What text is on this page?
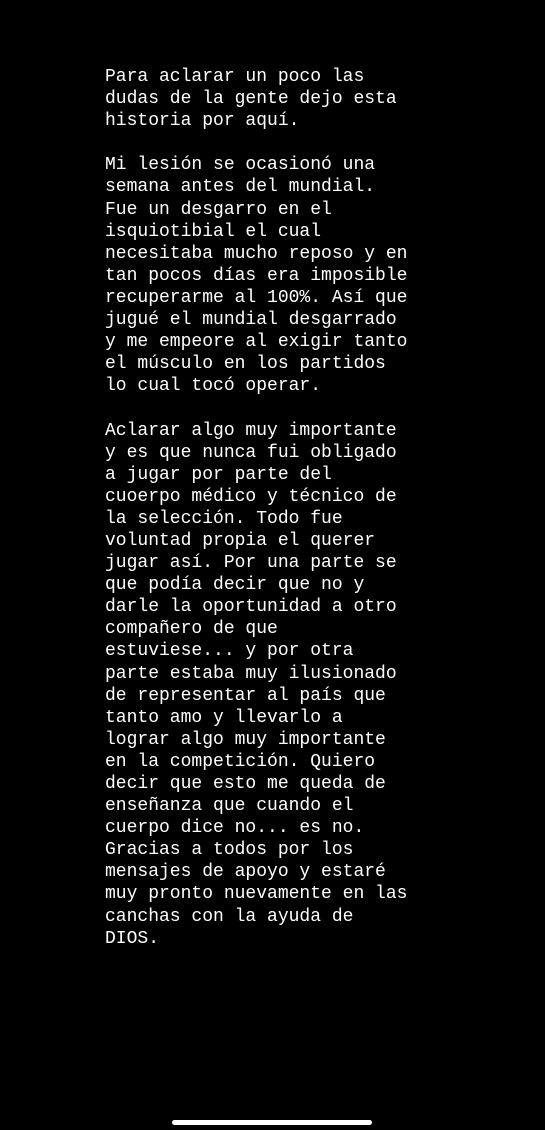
Para aclarar un poco las
dudas de la gente dejo esta
historia por aquí.
Mi lesión se ocasionó una
semana antes del mundial.
Fue un desgarro en el
isquiotibial el cual
necesitaba mucho reposo y en
tan pocos días era imposible
recuperarme al 100%. Así que
jugué el mundial desgarrado
y me empeore al exigir tanto
el músculo en los partidos
lo cual tocó operar.
Aclarar algo muy importante
y es que nunca fui obligado
a jugar por parte del
cuoerpo médico y técnico de
la selección. Todo fue
voluntad propia el querer
jugar así. Por una parte se
que podía decir que no y
darle la oportunidad a otro
compañero de que
estuviese... y por otra
parte estaba muy ilusionado
de representar al país que
tanto amo y llevarlo a
lograr algo muy importante
en la competición. Quiero
decir que esto me queda de
enseñanza que cuando el
cuerpo dice no... es no.
Gracias a todos por los
mensajes de apoyo y estaré
muy pronto nuevamente en las
canchas con la ayuda de
DIOS.
